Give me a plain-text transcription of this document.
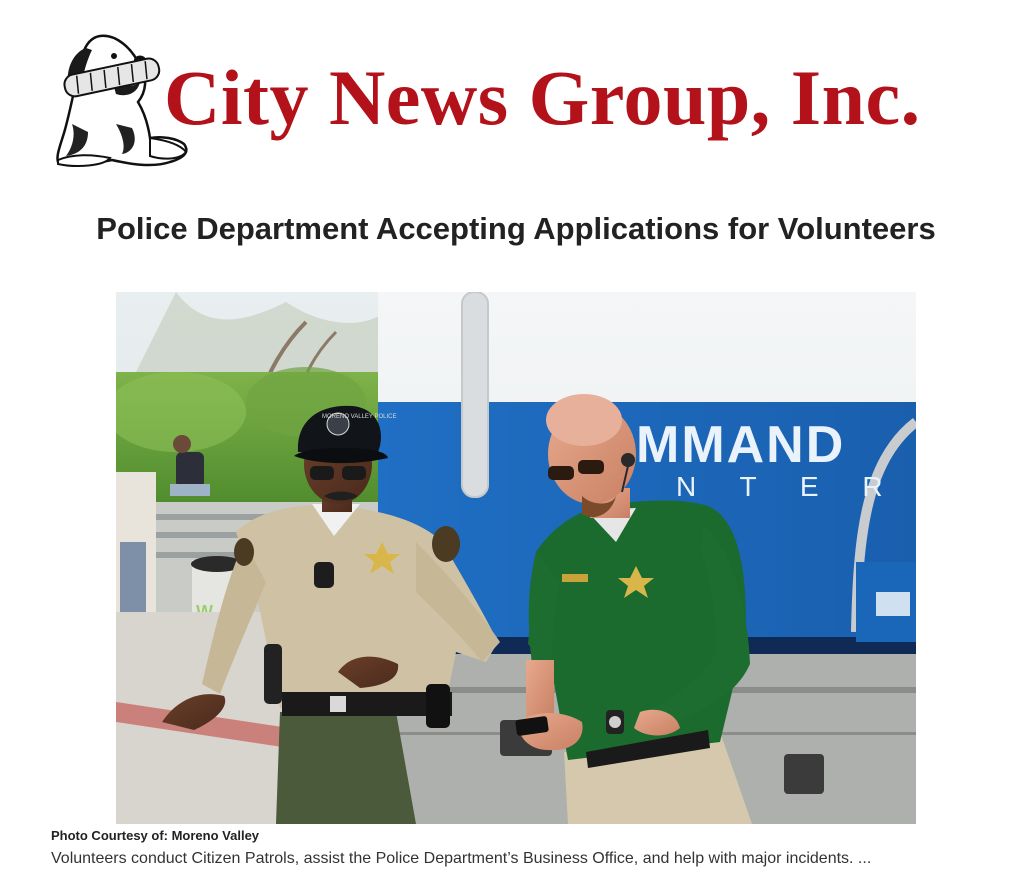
City News Group, Inc.
Police Department Accepting Applications for Volunteers
MMAND
N T E R
MORENO VALLEY POLICE
Photo Courtesy of: Moreno Valley
Volunteers conduct Citizen Patrols, assist the Police Department’s Business Office, and help with major incidents. ...
